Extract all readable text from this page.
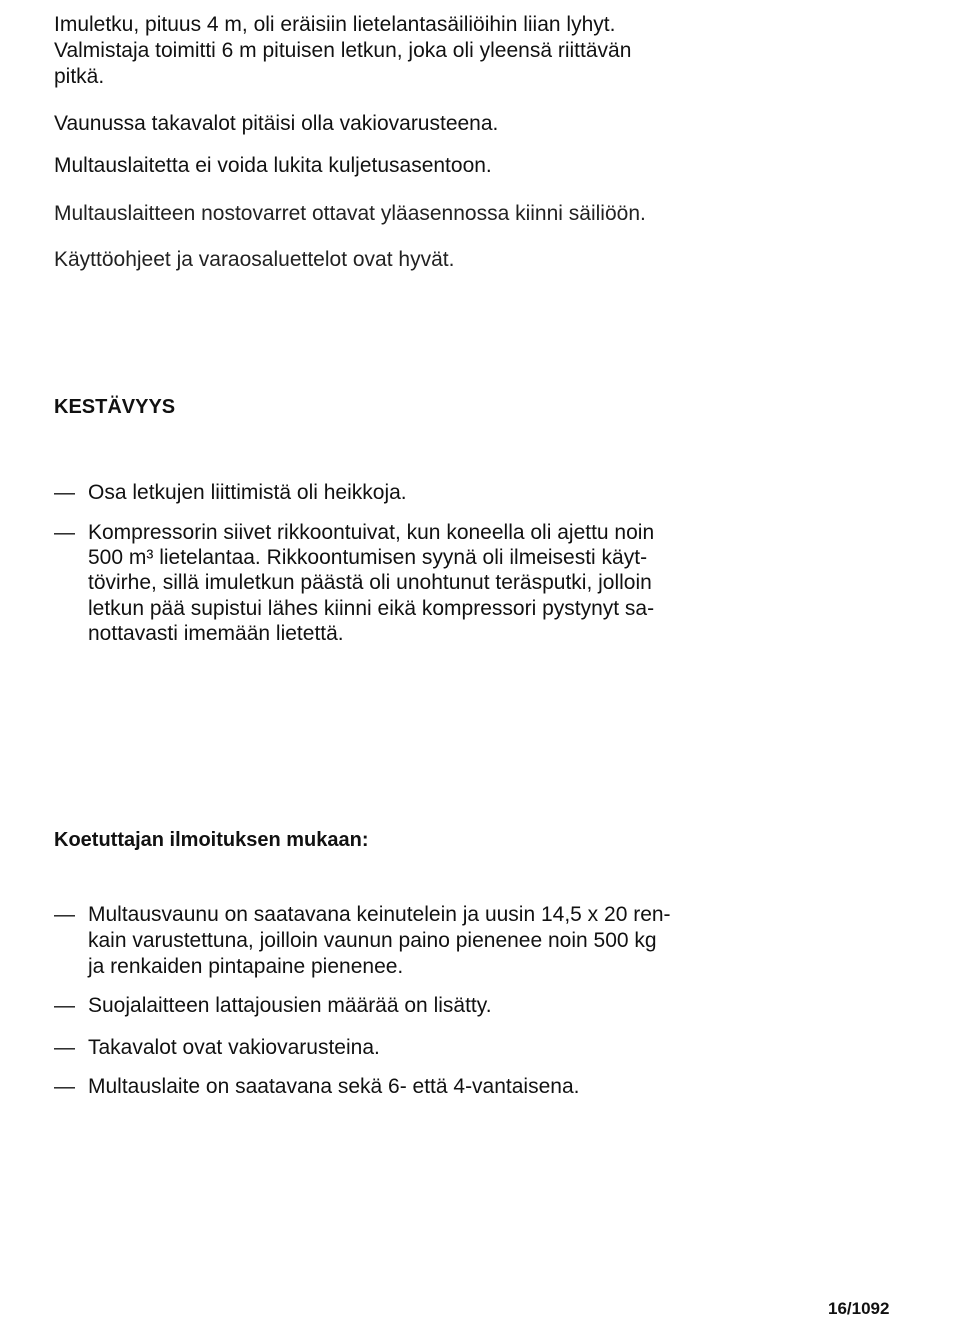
Imuletku, pituus 4 m, oli eräisiin lietelantasäiliöihin liian lyhyt.
Valmistaja toimitti 6 m pituisen letkun, joka oli yleensä riittävän
pitkä.
Vaunussa takavalot pitäisi olla vakiovarusteena.
Multauslaitetta ei voida lukita kuljetusasentoon.
Multauslaitteen nostovarret ottavat yläasennossa kiinni säiliöön.
Käyttöohjeet ja varaosaluettelot ovat hyvät.
KESTÄVYYS
— Osa letkujen liittimistä oli heikkoja.
— Kompressorin siivet rikkoontuivat, kun koneella oli ajettu noin
500 m³ lietelantaa. Rikkoontumisen syynä oli ilmeisesti käyt-
tövirhe, sillä imuletkun päästä oli unohtunut teräsputki, jolloin
letkun pää supistui lähes kiinni eikä kompressori pystynyt sa-
nottavasti imemään lietettä.
Koetuttajan ilmoituksen mukaan:
— Multausvaunu on saatavana keinutelein ja uusin 14,5 x 20 ren-
kain varustettuna, joilloin vaunun paino pienenee noin 500 kg
ja renkaiden pintapaine pienenee.
— Suojalaitteen lattajousien määrää on lisätty.
— Takavalot ovat vakiovarusteina.
— Multauslaite on saatavana sekä 6- että 4-vantaisena.
16/1092
